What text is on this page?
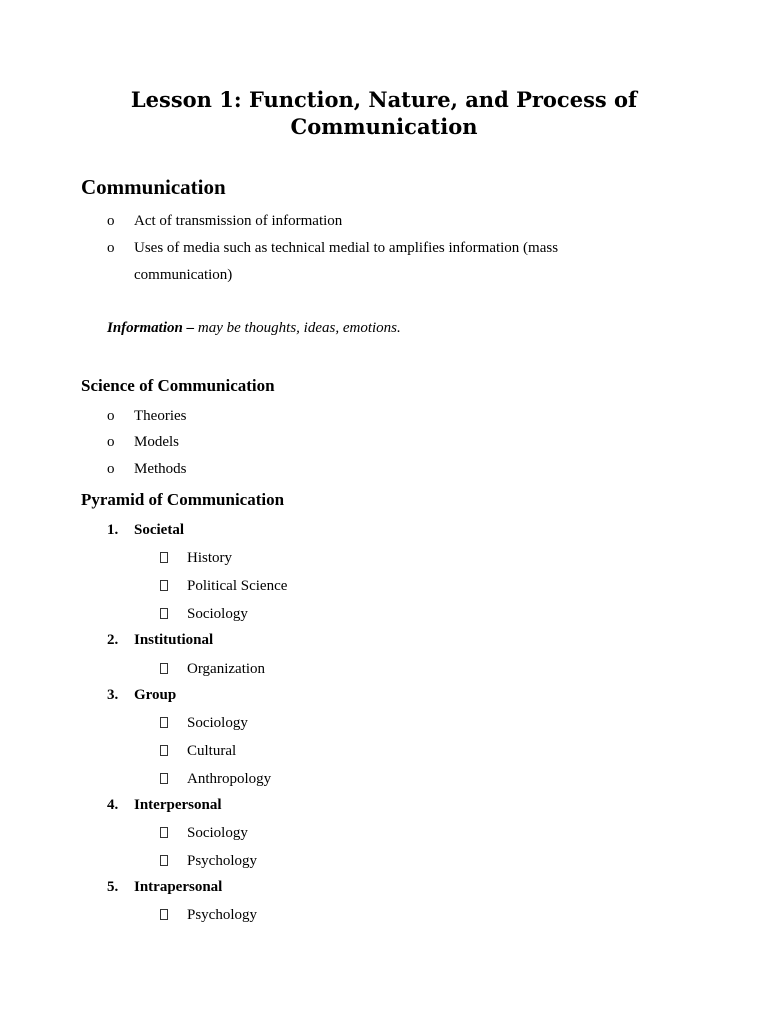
Lesson 1: Function, Nature, and Process of
Communication
Communication
o Act of transmission of information
o Uses of media such as technical medial to amplifies information (mass
communication)
Information – may be thoughts, ideas, emotions.
Science of Communication
o Theories
o Models
o Methods
Pyramid of Communication
1. Societal
History
Political Science
Sociology
2. Institutional
Organization
3. Group
Sociology
Cultural
Anthropology
4. Interpersonal
Sociology
Psychology
5. Intrapersonal
Psychology
